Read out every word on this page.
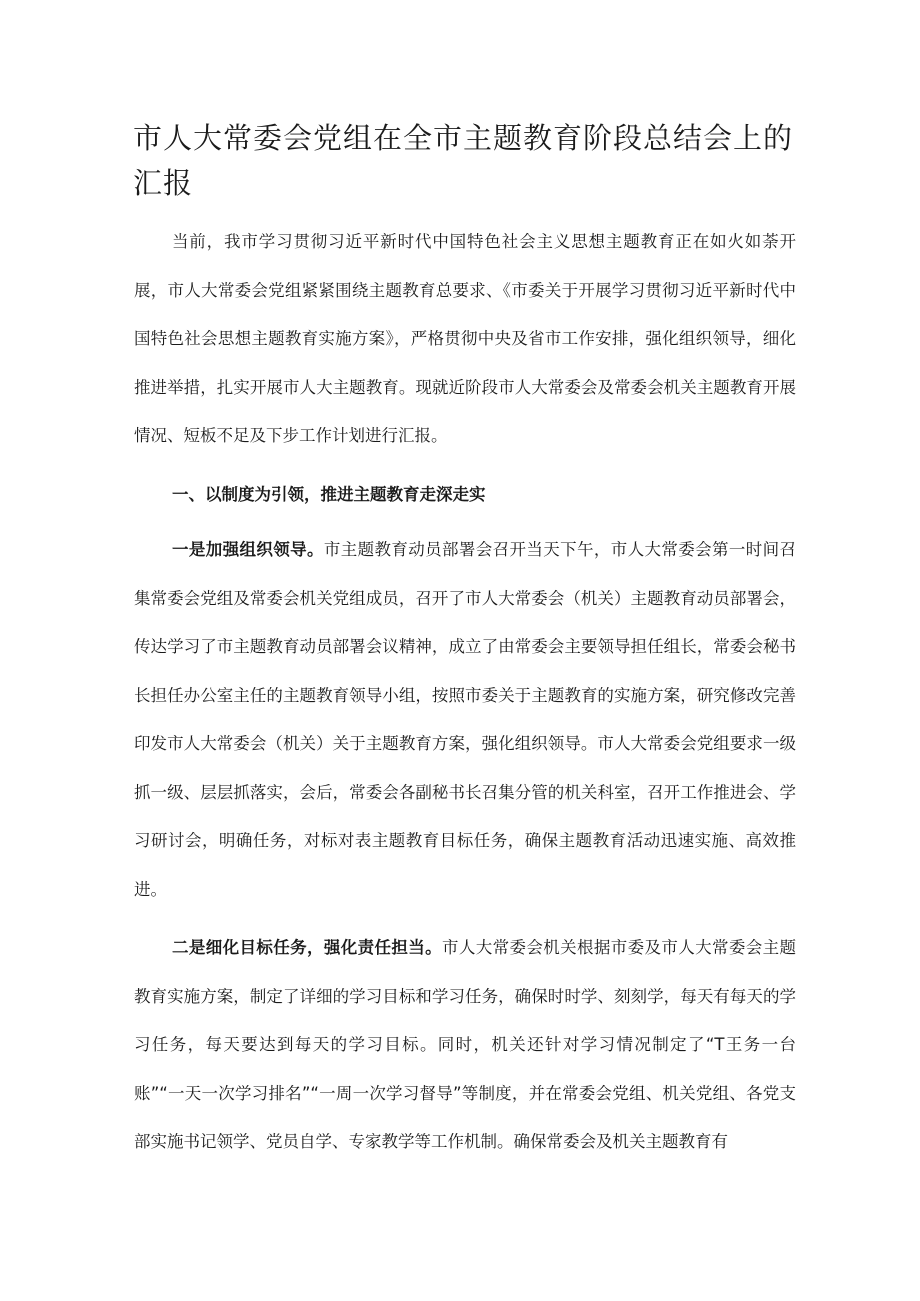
市人大常委会党组在全市主题教育阶段总结会上的汇报

当前，我市学习贯彻习近平新时代中国特色社会主义思想主题教育正在如火如荼开展，市人大常委会党组紧紧围绕主题教育总要求、《市委关于开展学习贯彻习近平新时代中国特色社会思想主题教育实施方案》，严格贯彻中央及省市工作安排，强化组织领导，细化推进举措，扎实开展市人大主题教育。现就近阶段市人大常委会及常委会机关主题教育开展情况、短板不足及下步工作计划进行汇报。

一、以制度为引领，推进主题教育走深走实

一是加强组织领导。市主题教育动员部署会召开当天下午，市人大常委会第一时间召集常委会党组及常委会机关党组成员，召开了市人大常委会（机关）主题教育动员部署会，传达学习了市主题教育动员部署会议精神，成立了由常委会主要领导担任组长，常委会秘书长担任办公室主任的主题教育领导小组，按照市委关于主题教育的实施方案，研究修改完善印发市人大常委会（机关）关于主题教育方案，强化组织领导。市人大常委会党组要求一级抓一级、层层抓落实，会后，常委会各副秘书长召集分管的机关科室，召开工作推进会、学习研讨会，明确任务，对标对表主题教育目标任务，确保主题教育活动迅速实施、高效推进。

二是细化目标任务，强化责任担当。市人大常委会机关根据市委及市人大常委会主题教育实施方案，制定了详细的学习目标和学习任务，确保时时学、刻刻学，每天有每天的学习任务，每天要达到每天的学习目标。同时，机关还针对学习情况制定了“T王务一台账”“一天一次学习排名”“一周一次学习督导”等制度，并在常委会党组、机关党组、各党支部实施书记领学、党员自学、专家教学等工作机制。确保常委会及机关主题教育有
